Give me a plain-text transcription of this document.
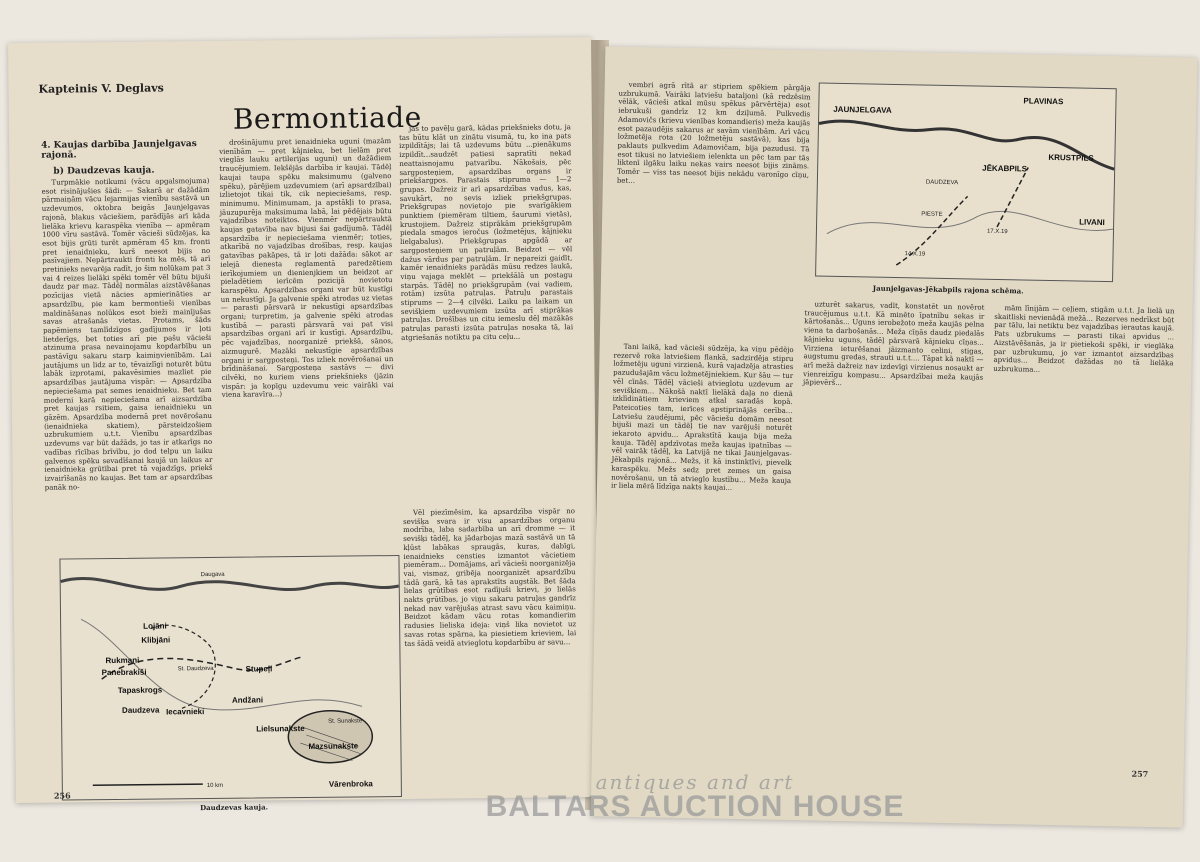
Kapteinis V. Deglavs
Bermontiade
4. Kaujas darbība Jaunjelgavas rajonā.
b) Daudzevas kauja.

Turpmākie notikumi (vācu apgalsmojuma) esot risinājušies šādi: — Sakarā ar dažādām pārmaiņām vācu lejarmijas vienību sastāvā un uzdevumos, oktobra beigās Jaunjelgavas rajonā, blakus vāciešiem, parādījās arī kāda lielāka krievu karaspēka vienība — apmēram 1000 vīru sastāvā. Tomēr vācieši sūdzējas, ka esot bijis grūti turēt apmēram 45 km. fronti pret ienaidnieku, kurš neesot bijis no pasīvajiem. Nepārtraukti fronti ka mēs, tā arī pretinieks nevarēja radīt, jo šim nolūkam pat 3 vai 4 reizes lielāki spēki tomēr vēl būtu bijuši daudz par maz. Tādēļ normālas aizstāvēšanas pozīcijas vietā nācies apmierināties ar apsardzību, pie kam bermontieši vienības maldināšanas nolūkos esot bieži mainījušas savas atrašanās vietas. Protams, šāds papēmiens tamlīdzīgos gadījumos ir ļoti lietderīgs, bet toties arī pie pašu vācieši atzinuma prasa nevainojamu kopdarbību un pastāvīgu sakaru starp kaimiņvienībām. Lai jautājums un lidz ar to, tēvaizlīgi noturēt būtu labāk izprotami, pakavēsimies mazliet pie apsardzības jautājuma vispār: — Apsardzība nepieciešama pat semes ienaidnieku. Bet tam moderni karā nepieciešama arī aizsardzība pret kaujas rsitiem, gaisa ienaidnieku un gāzēm. Apsardzība modernā pret novērošanu (ienaidnieka skatiem), pārsteidzošiem uzbrukumiem u.t.t. Vienību apsardzības uzdevums var būt dažāds, jo tas ir atkarīgs no vadības rīcības brīvību, jo dod telpu un laiku galvenos spēku sevadīšanai kaujā un laikus ar ienaidnieka grūtībai pret tā vajadzīgs, priekš izvairīšanās no kaujas. Bet tam ar apsardzības panāk no-

drošinājumu pret ienaidnieka uguni (mazām vienībām — pret kājnieku, bet lielām pret vieglās lauku artilerijas uguni) un dažādiem traucējumiem. Iekšējās darbība ir kaujai. Tādēļ kaujai taupa spēku maksimumu (galveno spēku), pārējiem uzdevumiem (arī apsardzībai) izlietojot tikai tik, cik nepieciešams, resp. minimumu. Minimumam, ja apstākļi to prasa, jāuzupurēja maksimuma labā, lai pēdējais būtu vajadzības noteiktos. Vienmēr nepārtrauktā kaujas gatavība nav bijusi šai gadījumā. Tādēļ apsardzība ir nepieciešama vienmēr; toties, atkarībā no vajadzības drošības, resp. kaujas gatavības pakāpes, tā ir ļoti dažāda: sākot ar ielejā dienesta reglamentā paredzētiem ierīkojumiem un dienienjkiem un beidzot ar pieladētiem ierīcēm pozicijā novietotu karaspēku. Apsardzības organi var būt kustīgi un nekustīgi. Ja galvenie spēki atrodas uz vietas — parasti pārsvarā ir nekustīgi apsardzības organi; turpretim, ja galvenie spēki atrodas kustībā — parasti pārsvarā vai pat visi apsardzības organi arī ir kustīgi. Apsardzību, pēc vajadzības, noorganizē priekšā, sānos, aizmugurē. Mazāki nekustīgie apsardzības organi ir sargposteņi. Tos izliek novērošanai un brīdināšanai. Sargposteņa sastāvs — divi cilvēki, no kuriem viens priekšnieks (jāzin vispār: ja kopīgu uzdevumu veic vairāki vai viena karavīra...)

jas to pavēļu garā, kādas priekšnieks dotu, ja tas būtu klāt un zinātu visumā, tu, ko ina pats izpildītājs; lai tā uzdevums būtu ...pienākums izpildīt...saudzēt patiesi sapratīti nekad neattaisnojamu patvarību. Nākošais, pēc sargposteņiem, apsardzības organs ir priekšargpos. Parastais stipruma — 1—2 grupas. Dažreiz ir arī apsardzības vadus, kas, savukārt, no sevis izliek priekšgrupas. Priekšgrupas novietojo pie svarīgākiem punktiem (piemēram tiltiem, šaurumi vietās), krustojiem. Dažreiz stiprākām priekšgrupām piedala smagos ieročus (ložmetējus, kājnieku lielgabalus). Priekšgrupas apgādā ar sargposteņiem un patruļām. Beidzot — vēl dažus vārdus par patruļām. Ir nepareizi gaidīt, kamēr ienaidnieks parādās mūsu redzes laukā, viņu vajaga meklēt — priekšālā un postagu starpās. Tādēļ no priekšgrupām (vai vadiem, rotām) izsūta patruļas. Patruļu parastais stiprums — 2—4 cilvēki. Laiku pa laikam un sevišķiem uzdevumiem izsūta arī stiprākas patruļas. Drošības un citu iemeslu dēļ mazākās patruļas parasti izsūta patruļas nosaka tā, lai atgriešanās notiktu pa citu ceļu...

Vēl piezīmēsim, ka apsardzība vispār no sevišķa svara ir visu apsardzības organu modrība, laba sadarbība un arī dromme — it sevišķi tādēļ, ka jādarbojas mazā sastāvā un tā kļūst labākas spraugās, kuras, dabīgi, ienaidnieks censties izmantot vācietiem piemēram... Domājams, arī vācieši noorganizēja vai, vismaz, gribēja noorganizēt apsardzību tādā garā, kā tas aprakstīts augstāk. Bet šāda lielas grūtības esot radījuši krievi, jo lielās nakts grūtības, jo viņu sakaru patruļas gandrīz nekad nav varējušas atrast savu vācu kaimiņu. Beidzot kādam vācu rotas komandierim radusies lieliska ideja: viņš lika novietot uz savas rotas spārna, ka piesietiem krieviem, lai tas šādā veidā atvieglotu kopdarbību ar savu...

Daugava
Lojāni
Klibjāni
Rukmaņi
Panebrakiši	St. Daudzeva
Tapaskrogs
Stupeļi
Daudzeva Iecavnieki
Andžani
Lielsunakste
St. Sunakste
Mazsunakste
Vārenbroka
10 km
Daudzevas kauja.
256

vembri agrā rītā ar stipriem spēkiem pārgāja uzbrukumā. Vairāki latviešu bataljoni (kā redzēsim vēlāk, vācieši atkal mūsu spēkus pārvērtēja) esot iebrukuši gandrīz 12 km dziļumā. Pulkvedis Adamovičs (krievu vienības komandieris) meža kaujās esot pazaudējis sakarus ar savām vienībām. Arī vācu ložmetēja rota (20 ložmetēju sastāvā), kas bija paklauts pulkvedim Adamovičam, bija pazudusi. Tā esot tikusi no latviešiem ielenkta un pēc tam par tās liktenī ilgāku laiku nekas vairs neesot bijis zināms. Tomēr — viss tas neesot bijis nekādu varonīgo cīņu, bet...

PLAVINAS
JAUNJELGAVA
KRUSTPILS
JĒKABPILS
LIVANI
DAUDZEVA
PIESTE
14.X.19
17.X.19
Jaunjelgavas-Jēkabpils rajona schēma.

Tani laikā, kad vācieši sūdzēja, ka viņu pēdējo rezervē roka latviešiem flankā, sadzirdēja stipru ložmetēju uguni virzienā, kurā vajadzēja atrasties pazudušajām vācu ložmetējniekiem. Kur šāu — tur vēl cīnās. Tādēļ vācieši atvieglotu uzdevum ar sevišķiem... Nākošā naktī lielākā daļa no dienā izklīdinātiem krieviem atkal saradās kopā. Pateicoties tam, ierīces apstiprinājās cerība... Latviešu zaudējumi, pēc vāciešu domām neesot bijuši mazi un tādēļ tie nav varējuši noturēt iekaroto apvidu... Aprakstītā kauja bija meža kauja. Tādēļ apdzīvotas meža kaujas ipatnības — vēl vairāk tādēļ, ka Latvijā ne tikai Jaunjelgavas-Jēkabpils rajonā... Mežs, it kā instinktīvi, pievelk karaspēku. Mežs sedz pret zemes un gaisa novērošanu, un tā atvieglo kustību... Meža kauja ir liela mērā līdzīga nakts kaujai...

uzturēt sakarus, vadīt, konstatēt un novērot traucējumus u.t.t. Kā minēto īpatnību sekas ir kārtošanās... Uguns ierobežoto meža kaujās pelna viena ta darbošanās... Meža cīņās daudz piedalās kājnieku uguns, tādēļ pārsvarā kājnieku cīņas... Virziena ieturēšanai jāizmanto celiņi, stigas, augstumu gredas, strauti u.t.t.... Tāpat kā naktī — arī mežā dažreiz nav izdevīgi virzienus nosaukt ar vienreizīgu kompasu... Apsardzībai meža kaujās jāpievērš...

mām līnijām — ceļiem, stigām u.t.t. Ja lielā un skaitliski nevienādā mežā... Rezerves nedrīkst būt par tālu, lai netiktu bez vajadzības ierautas kaujā. Pats uzbrukums — parasti tikai apvidus ... Aizstāvēšanās, ja ir pietiekoši spēki, ir vieglāka par uzbrukumu, jo var izmantot aizsardzības apvidus... Beidzot dažādas no tā lielāka uzbrukuma...

257
antiques and art
BALTARS AUCTION HOUSE
